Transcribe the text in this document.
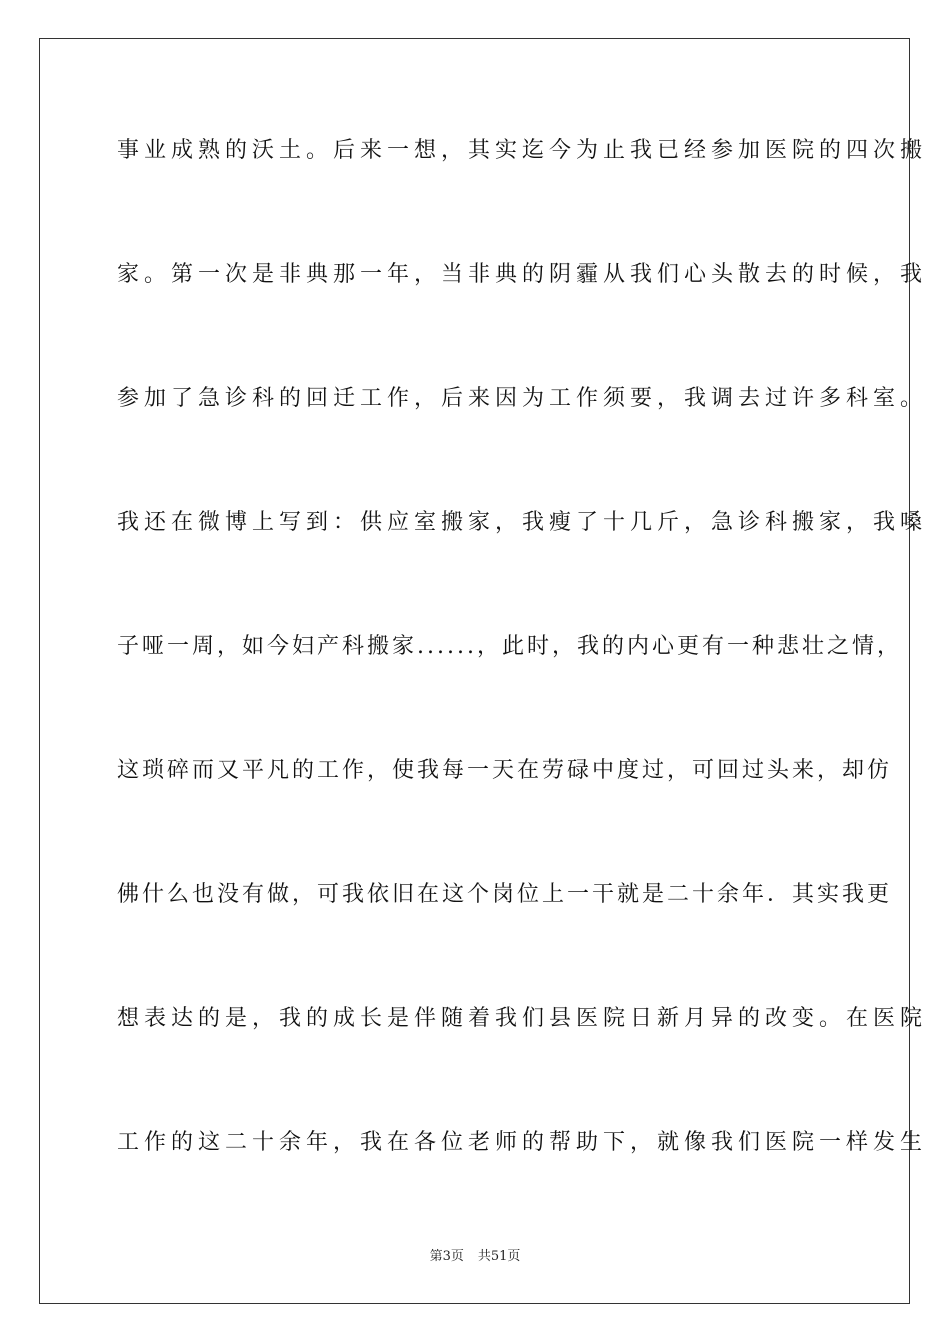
事业成熟的沃土。后来一想，其实迄今为止我已经参加医院的四次搬
家。第一次是非典那一年，当非典的阴霾从我们心头散去的时候，我
参加了急诊科的回迁工作，后来因为工作须要，我调去过许多科室。
我还在微博上写到：供应室搬家，我瘦了十几斤，急诊科搬家，我嗓
子哑一周，如今妇产科搬家......，此时，我的内心更有一种悲壮之情，
这琐碎而又平凡的工作，使我每一天在劳碌中度过，可回过头来，却仿
佛什么也没有做，可我依旧在这个岗位上一干就是二十余年．其实我更
想表达的是，我的成长是伴随着我们县医院日新月异的改变。在医院
工作的这二十余年，我在各位老师的帮助下，就像我们医院一样发生
第3页 共51页
